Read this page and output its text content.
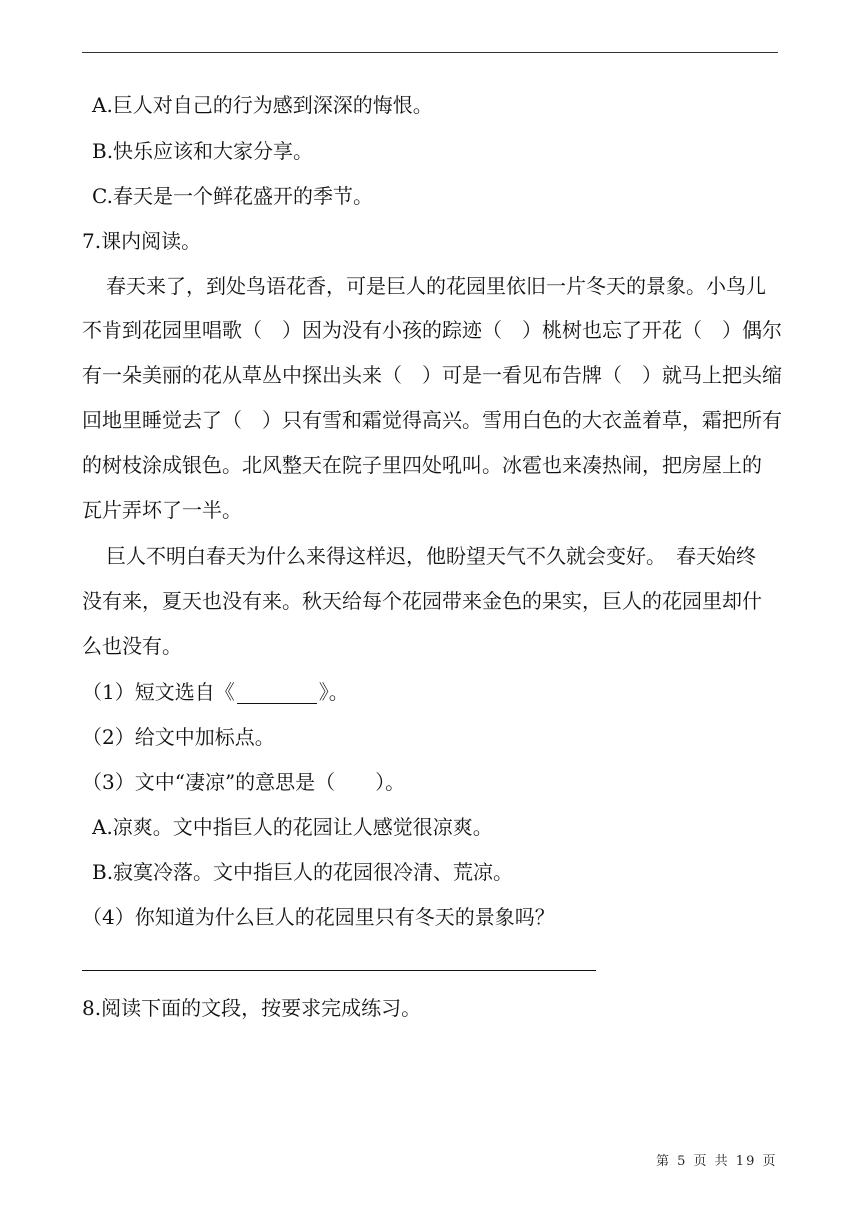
A.巨人对自己的行为感到深深的悔恨。
B.快乐应该和大家分享。
C.春天是一个鲜花盛开的季节。
7.课内阅读。
春天来了，到处鸟语花香，可是巨人的花园里依旧一片冬天的景象。小鸟儿
不肯到花园里唱歌（　）因为没有小孩的踪迹（　）桃树也忘了开花（　）偶尔
有一朵美丽的花从草丛中探出头来（　）可是一看见布告牌（　）就马上把头缩
回地里睡觉去了（　）只有雪和霜觉得高兴。雪用白色的大衣盖着草，霜把所有
的树枝涂成银色。北风整天在院子里四处吼叫。冰雹也来凑热闹，把房屋上的
瓦片弄坏了一半。
巨人不明白春天为什么来得这样迟，他盼望天气不久就会变好。　春天始终
没有来，夏天也没有来。秋天给每个花园带来金色的果实，巨人的花园里却什
么也没有。
（1）短文选自《	》。
（2）给文中加标点。
（3）文中“凄凉”的意思是（　　）。
A.凉爽。文中指巨人的花园让人感觉很凉爽。
B.寂寞冷落。文中指巨人的花园很冷清、荒凉。
（4）你知道为什么巨人的花园里只有冬天的景象吗？
8.阅读下面的文段，按要求完成练习。
第 5 页 共 19 页
